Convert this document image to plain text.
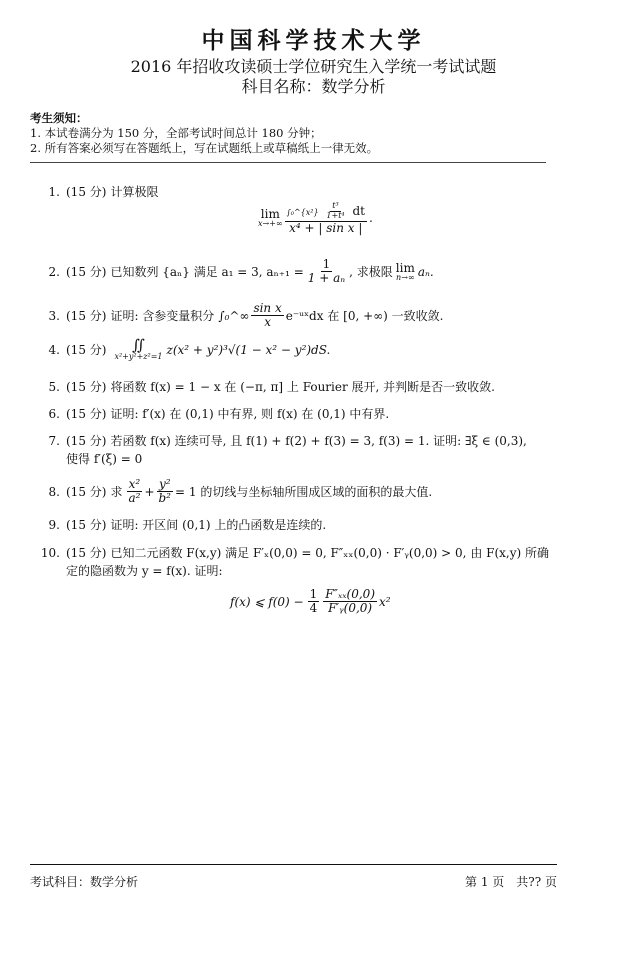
中国科学技术大学
2016 年招收攻读硕士学位研究生入学统一考试试题
科目名称：数学分析
考生须知：
1. 本试卷满分为 150 分，全部考试时间总计 180 分钟；
2. 所有答案必须写在答题纸上，写在试题纸上或草稿纸上一律无效。
1. (15 分) 计算极限
lim
$x\to+\infty \frac{\int_0\^{}\{x^2\} \frac{\text{t³}}{\text{1+t⁴}} dt}{\text{x⁴ + | sin x |}}$ .
2. (15 分) 已知数列 {aₙ} 满足 a₁ = 3, $a_{n+1} = \frac{1}{\text{1 + aₙ}}$ , 求极限 lim
n→∞ aₙ.
3. (15 分) 证明: 含参变量积分 ∫₀^∞ $\frac{\text{sin x}}{x}$ e⁻ᵘˣdx 在 [0, +∞) 一致收敛.
4. (15 分) ∬
x²+y²+z²=1 z(x² + y²)³√(1 − x² − y²)dS.
5. (15 分) 将函数 f(x) = 1 − x 在 (−π, π] 上 Fourier 展开, 并判断是否一致收敛.
6. (15 分) 证明: f′(x) 在 (0,1) 中有界, 则 f(x) 在 (0,1) 中有界.
7. (15 分) 若函数 f(x) 连续可导, 且 f(1) + f(2) + f(3) = 3, f(3) = 1. 证明: ∃ξ ∈ (0,3),
使得 f′(ξ) = 0
8. (15 分) 求 $\frac{\text{x²}}{\text{a²}} + \frac{\text{y²}}{\text{b²}} = 1$ 的切线与坐标轴所围成区域的面积的最大值.
9. (15 分) 证明: 开区间 (0,1) 上的凸函数是连续的.
10. (15 分) 已知二元函数 F(x,y) 满足 F′ₓ(0,0) = 0, F″ₓₓ(0,0) · F′ᵧ(0,0) > 0, 由 F(x,y) 所确
定的隐函数为 y = f(x). 证明:
f(x) ⩽ $f(0) - \frac{1}{4} \frac{\text{F″ₓₓ(0,0)}}{\text{F′ᵧ(0,0)}} x^2$
考试科目：数学分析	第 1 页　共?? 页
